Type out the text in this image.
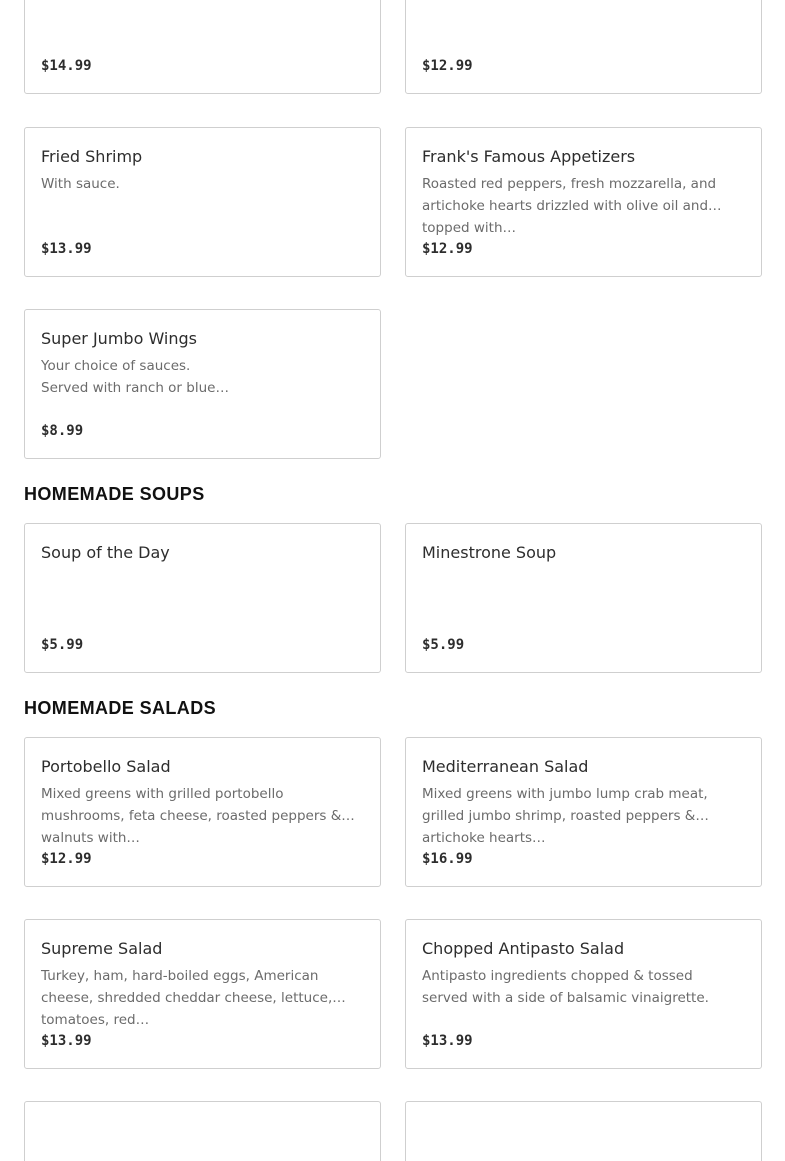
$14.99	$12.99
Fried Shrimp
With sauce.
$13.99
Frank's Famous Appetizers
Roasted red peppers, fresh mozzarella, and artichoke hearts drizzled with olive oil and topped with…
$12.99
Super Jumbo Wings
Your choice of sauces.
Served with ranch or blue…
$8.99
HOMEMADE SOUPS
Soup of the Day
$5.99
Minestrone Soup
$5.99
HOMEMADE SALADS
Portobello Salad
Mixed greens with grilled portobello mushrooms, feta cheese, roasted peppers & walnuts with…
$12.99
Mediterranean Salad
Mixed greens with jumbo lump crab meat, grilled jumbo shrimp, roasted peppers & artichoke hearts…
$16.99
Supreme Salad
Turkey, ham, hard-boiled eggs, American cheese, shredded cheddar cheese, lettuce, tomatoes, red…
$13.99
Chopped Antipasto Salad
Antipasto ingredients chopped & tossed served with a side of balsamic vinaigrette.
$13.99
